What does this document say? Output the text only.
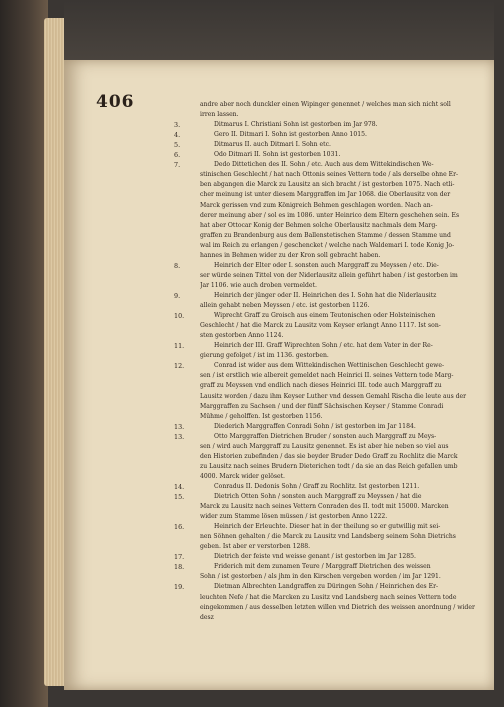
406	andre aber noch dunckler einen Wipinger genennet / welches man sich nicht soll
irren lassen.
Ditmarus I. Christiani Sohn ist gestorben im Jar 978.
Gero II. Ditmari I. Sohn ist gestorben Anno 1015.
Ditmarus II. auch Ditmari I. Sohn etc.
Odo Ditmari II. Sohn ist gestorben 1031.
Dedo Dittetichen des II. Sohn / etc. Auch aus dem Wittekindischen We-
stinischen Geschlecht / hat nach Ottonis seines Vettern tode / als derselbe ohne Er-
ben abgangen die Marck zu Lausitz an sich bracht / ist gestorben 1075. Nach etli-
cher meinung ist unter diesem Marggraffen im Jar 1068. die Oberlausitz von der
Marck gerissen vnd zum Königreich Behmen geschlagen worden. Nach an-
derer meinung aber / sol es im 1086. unter Heinrico dem Eltern geschehen sein. Es
hat aber Ottocar Konig der Behmen solche Oberlausitz nachmals dem Marg-
graffen zu Brandenburg aus dem Ballenstetischen Stamme / dessen Stamme und
wal im Reich zu erlangen / geschencket / welche nach Waldemari I. tode Konig Jo-
hannes in Behmen wider zu der Kron soll gebracht haben.
Heinrich der Elter oder I. sonsten auch Marggraff zu Meyssen / etc. Die-
ser würde seinen Tittel von der Niderlausitz allein geführt haben / ist gestorben im
Jar 1106. wie auch droben vermeldet.
Heinrich der jünger oder II. Heinrichen des I. Sohn hat die Niderlausitz
allein gehabt neben Meyssen / etc. ist gestorben 1126.
Wiprecht Graff zu Groisch aus einem Teutonischen oder Holsteinischen
Geschlecht / hat die Marck zu Lausitz vom Keyser erlangt Anno 1117. Ist son-
sten gestorben Anno 1124.
Heinrich der III. Graff Wiprechten Sohn / etc. hat dem Vater in der Re-
gierung gefolget / ist im 1136. gestorben.
Conrad ist wider aus dem Wittekindischen Wettinischen Geschlecht gewe-
sen / ist erstlich wie albereit gemeldet nach Heinrici II. seines Vettern tode Marg-
graff zu Meyssen vnd endlich nach dieses Heinrici III. tode auch Marggraff zu
Lausitz worden / dazu ihm Keyser Luther vnd dessen Gemahl Rischa die leute aus der
Marggraffen zu Sachsen / und der fünff Sächsischen Keyser / Stamme Conradi
Mühme / geholffen. Ist gestorben 1156.
Diederich Marggraffen Conradi Sohn / ist gestorben im Jar 1184.
Otto Marggraffen Dietrichen Bruder / sonsten auch Marggraff zu Meys-
sen / wird auch Marggraff zu Lausitz genennet. Es ist aber hie neben so viel aus
den Historien zubefinden / das sie beyder Bruder Dedo Graff zu Rochlitz die Marck
zu Lausitz nach seines Brudern Dieterichen todt / da sie an das Reich gefallen umb
4000. Marck wider gelöset.
Conradus II. Dedonis Sohn / Graff zu Rochlitz. Ist gestorben 1211.
Dietrich Otten Sohn / sonsten auch Marggraff zu Meyssen / hat die
Marck zu Lausitz nach seines Vettern Conraden des II. todt mit 15000. Marcken
wider zum Stamme lösen müssen / ist gestorben Anno 1222.
Heinrich der Erleuchte. Dieser hat in der theilung so er gutwillig mit sei-
nen Söhnen gehalten / die Marck zu Lausitz vnd Landsberg seinem Sohn Dietrichs
geben. Ist aber er verstorben 1288.
Dietrich der feiste vnd weisse genant / ist gestorben im Jar 1285.
Friderich mit dem zunamen Teure / Marggraff Dietrichen des weissen
Sohn / ist gestorben / als jhm in den Kirschen vergeben worden / im Jar 1291.
Dietman Albrechten Landgraffen zu Düringen Sohn / Heinrichen des Er-
leuchten Nefe / hat die Marcken zu Lusitz vnd Landsberg nach seines Vettern tode
eingekommen / aus desselben letzten willen vnd Dietrich des weissen anordnung / wider
desz
3.
4.
5.
6.
7.
8.
9.
10.
11.
12.
13.
13.
14.
15.
16.
17.
18.
19.
